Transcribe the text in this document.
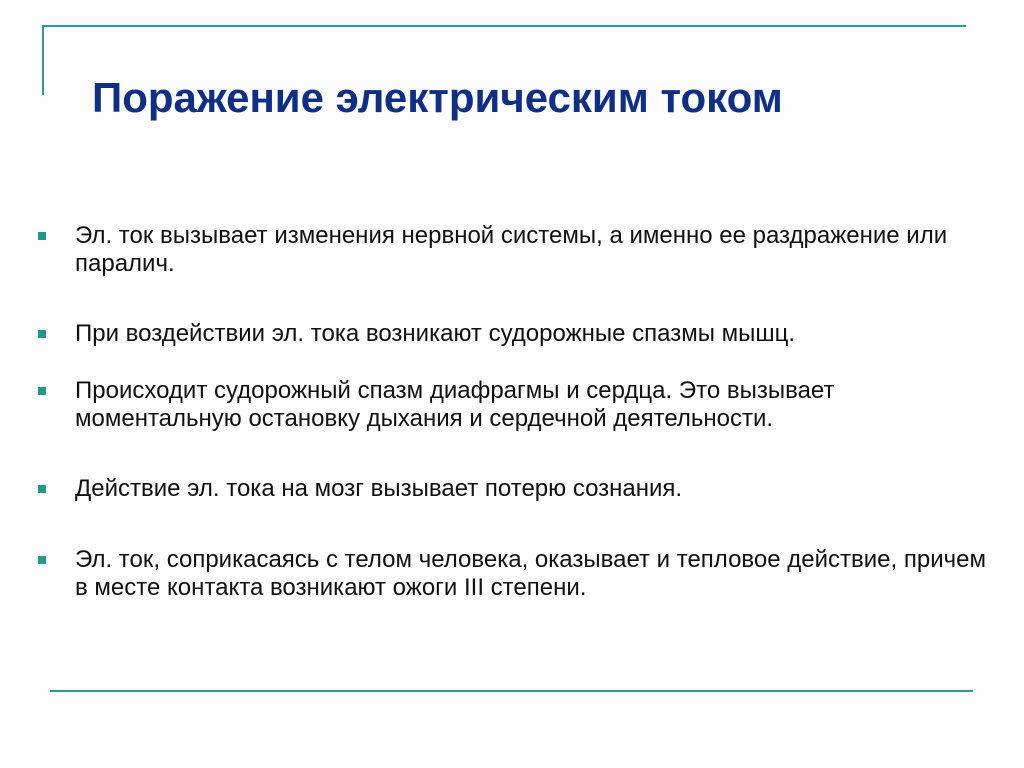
Поражение электрическим током
Эл. ток вызывает изменения нервной системы, а именно ее раздражение или паралич.
При воздействии эл. тока возникают судорожные спазмы мышц.
Происходит судорожный спазм диафрагмы и сердца. Это вызывает моментальную остановку дыхания и сердечной деятельности.
Действие эл. тока на мозг вызывает потерю сознания.
Эл. ток, соприкасаясь с телом человека, оказывает и тепловое действие, причем в месте контакта возникают ожоги III степени.
